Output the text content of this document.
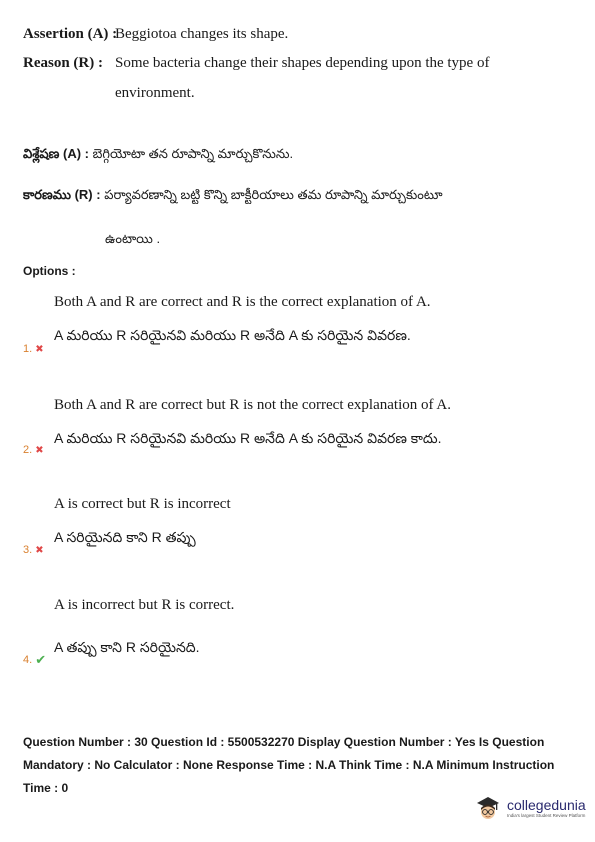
Assertion (A) :Beggiotoa changes its shape.
Reason (R) : Some bacteria change their shapes depending upon the type of
environment.
విశ్లేషణ (A) : బెగ్గియోటా తన రూపాన్ని మార్చుకొనును.
కారణము (R) : పర్యావరణాన్ని బట్టి కొన్ని బాక్టీరియాలు తమ రూపాన్ని మార్చుకుంటూ
ఉంటాయి .
Options :
Both A and R are correct and R is the correct explanation of A.
A మరియు R సరియైనవి మరియు R అనేది A కు సరియైన వివరణ.
1. ✖
Both A and R are correct but R is not the correct explanation of A.
A మరియు R సరియైనవి మరియు R అనేది A కు సరియైన వివరణ కాదు.
2. ✖
A is correct but R is incorrect
A సరియైనది కాని R తప్పు
3. ✖
A is incorrect but R is correct.
A తప్పు కాని R సరియైనది.
4. ✔
Question Number : 30 Question Id : 5500532270 Display Question Number : Yes Is Question Mandatory : No Calculator : None Response Time : N.A Think Time : N.A Minimum Instruction Time : 0
collegedunia
India's largest Student Review Platform
